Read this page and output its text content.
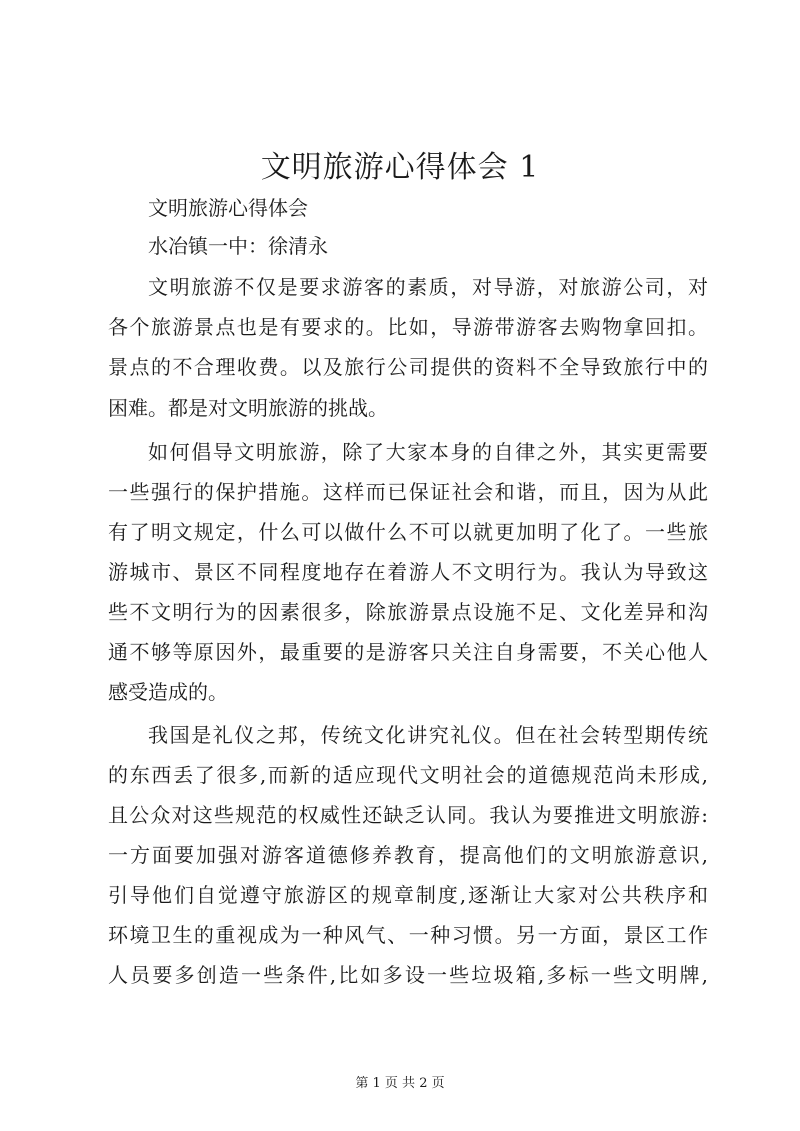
文明旅游心得体会 1
文明旅游心得体会
水冶镇一中：徐清永
文明旅游不仅是要求游客的素质，对导游，对旅游公司，对
各个旅游景点也是有要求的。比如，导游带游客去购物拿回扣。
景点的不合理收费。以及旅行公司提供的资料不全导致旅行中的
困难。都是对文明旅游的挑战。
如何倡导文明旅游，除了大家本身的自律之外，其实更需要
一些强行的保护措施。这样而已保证社会和谐，而且，因为从此
有了明文规定，什么可以做什么不可以就更加明了化了。一些旅
游城市、景区不同程度地存在着游人不文明行为。我认为导致这
些不文明行为的因素很多，除旅游景点设施不足、文化差异和沟
通不够等原因外，最重要的是游客只关注自身需要，不关心他人
感受造成的。
我国是礼仪之邦，传统文化讲究礼仪。但在社会转型期传统
的东西丢了很多,而新的适应现代文明社会的道德规范尚未形成,
且公众对这些规范的权威性还缺乏认同。我认为要推进文明旅游:
一方面要加强对游客道德修养教育，提高他们的文明旅游意识,
引导他们自觉遵守旅游区的规章制度,逐渐让大家对公共秩序和
环境卫生的重视成为一种风气、一种习惯。另一方面，景区工作
人员要多创造一些条件,比如多设一些垃圾箱,多标一些文明牌,
第 1 页 共 2 页
